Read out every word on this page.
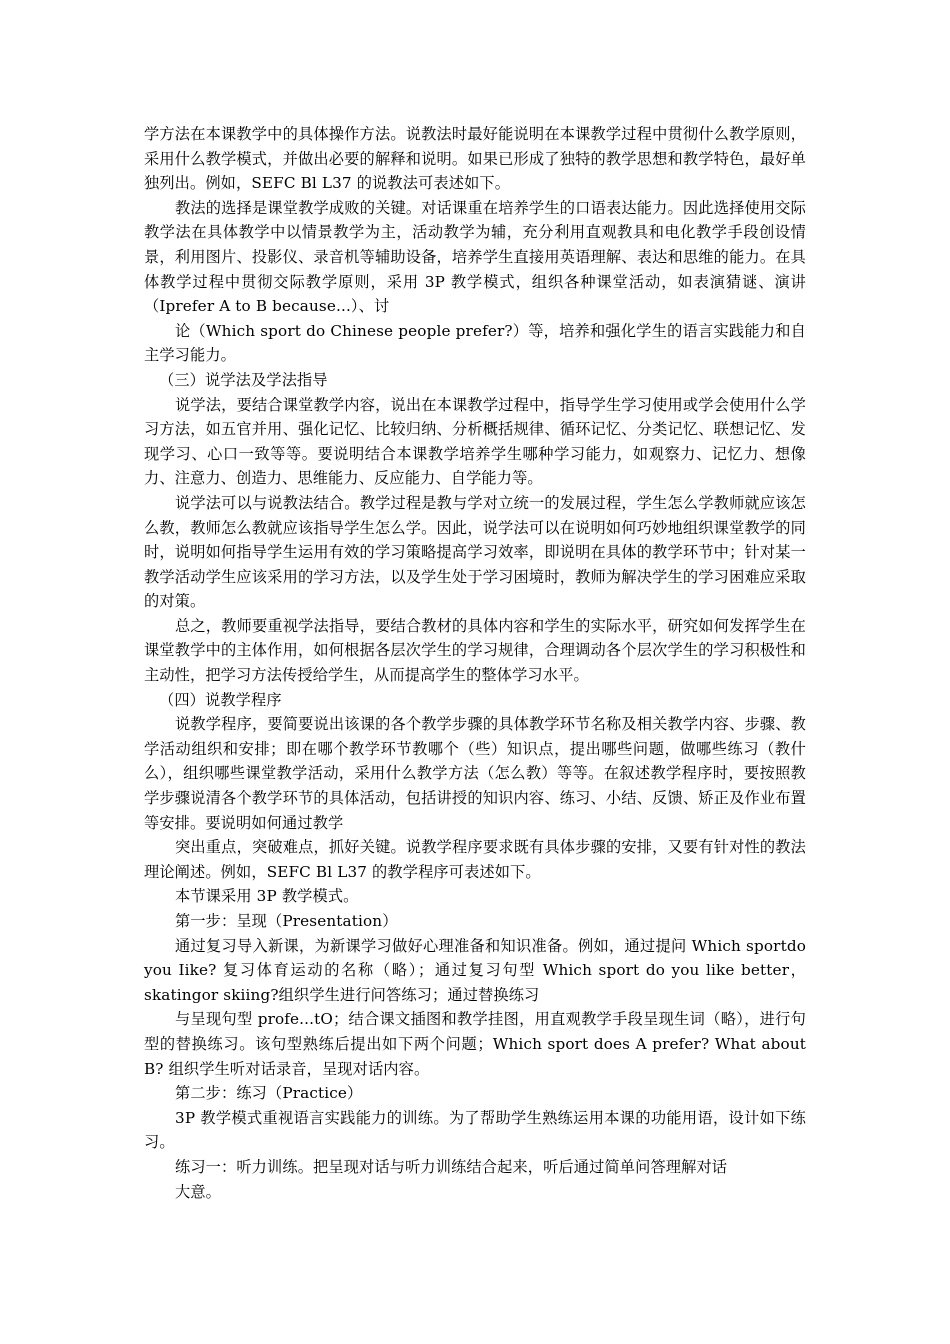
学方法在本课教学中的具体操作方法。说教法时最好能说明在本课教学过程中贯彻什么教学原则，采用什么教学模式，并做出必要的解释和说明。如果已形成了独特的教学思想和教学特色，最好单独列出。例如，SEFC Bl L37 的说教法可表述如下。

教法的选择是课堂教学成败的关键。对话课重在培养学生的口语表达能力。因此选择使用交际教学法在具体教学中以情景教学为主，活动教学为辅，充分利用直观教具和电化教学手段创设情景，利用图片、投影仪、录音机等辅助设备，培养学生直接用英语理解、表达和思维的能力。在具体教学过程中贯彻交际教学原则，采用 3P 教学模式，组织各种课堂活动，如表演猜谜、演讲（Iprefer A to B because...）、讨

论（Which sport do Chinese people prefer?）等，培养和强化学生的语言实践能力和自主学习能力。

（三）说学法及学法指导

说学法，要结合课堂教学内容，说出在本课教学过程中，指导学生学习使用或学会使用什么学习方法，如五官并用、强化记忆、比较归纳、分析概括规律、循环记忆、分类记忆、联想记忆、发现学习、心口一致等等。要说明结合本课教学培养学生哪种学习能力，如观察力、记忆力、想像力、注意力、创造力、思维能力、反应能力、自学能力等。

说学法可以与说教法结合。教学过程是教与学对立统一的发展过程，学生怎么学教师就应该怎么教，教师怎么教就应该指导学生怎么学。因此，说学法可以在说明如何巧妙地组织课堂教学的同时，说明如何指导学生运用有效的学习策略提高学习效率，即说明在具体的教学环节中；针对某一教学活动学生应该采用的学习方法，以及学生处于学习困境时，教师为解决学生的学习困难应采取的对策。

总之，教师要重视学法指导，要结合教材的具体内容和学生的实际水平，研究如何发挥学生在课堂教学中的主体作用，如何根据各层次学生的学习规律，合理调动各个层次学生的学习积极性和主动性，把学习方法传授给学生，从而提高学生的整体学习水平。

（四）说教学程序

说教学程序，要简要说出该课的各个教学步骤的具体教学环节名称及相关教学内容、步骤、教学活动组织和安排；即在哪个教学环节教哪个（些）知识点，提出哪些问题，做哪些练习（教什么），组织哪些课堂教学活动，采用什么教学方法（怎么教）等等。在叙述教学程序时，要按照教学步骤说清各个教学环节的具体活动，包括讲授的知识内容、练习、小结、反馈、矫正及作业布置等安排。要说明如何通过教学

突出重点，突破难点，抓好关键。说教学程序要求既有具体步骤的安排，又要有针对性的教法理论阐述。例如，SEFC Bl L37 的教学程序可表述如下。

本节课采用 3P 教学模式。

第一步：呈现（Presentation）

通过复习导入新课，为新课学习做好心理准备和知识准备。例如，通过提问 Which sportdo you Iike? 复习体育运动的名称（略）；通过复习句型 Which sport do you like better，skatingor skiing?组织学生进行问答练习；通过替换练习

与呈现句型 profe...tO；结合课文插图和教学挂图，用直观教学手段呈现生词（略），进行句型的替换练习。该句型熟练后提出如下两个问题；Which sport does A prefer? What about B? 组织学生听对话录音，呈现对话内容。

第二步：练习（Practice）

3P 教学模式重视语言实践能力的训练。为了帮助学生熟练运用本课的功能用语，设计如下练习。

练习一：听力训练。把呈现对话与听力训练结合起来，听后通过简单问答理解对话

大意。
